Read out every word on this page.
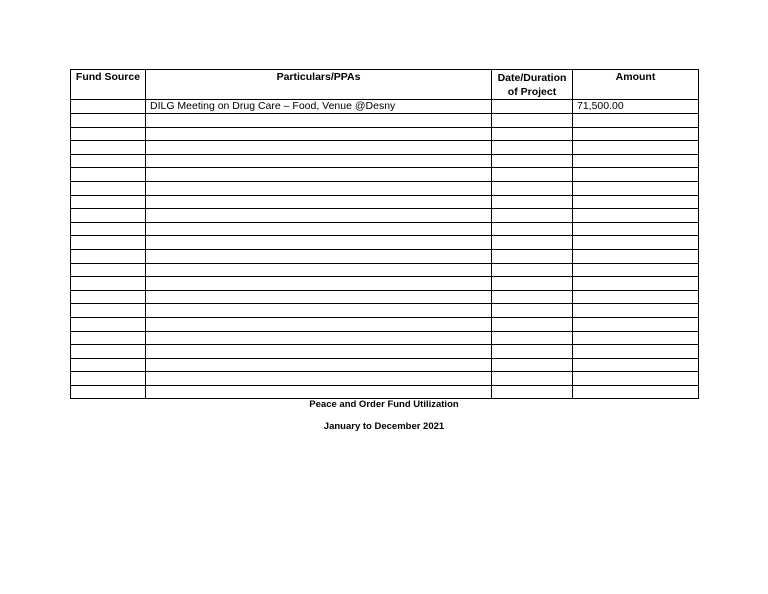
Fund Source	Particulars/PPAs	Date/Duration of Project	Amount
	DILG Meeting on Drug Care – Food, Venue @Desny		71,500.00

Peace and Order Fund Utilization
January to December 2021
